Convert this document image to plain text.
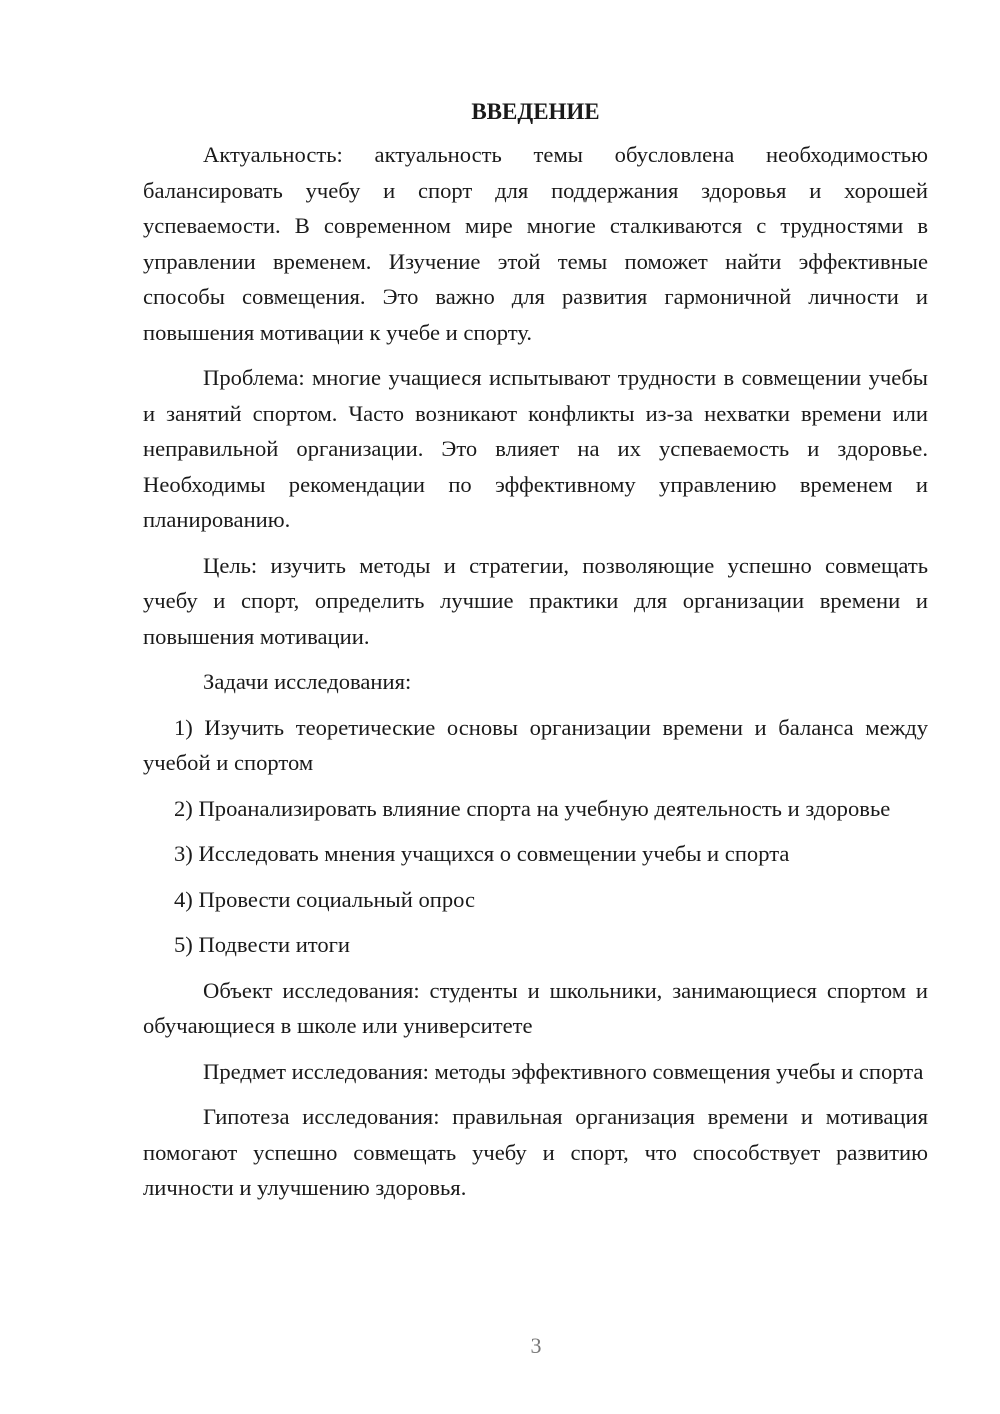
ВВЕДЕНИЕ

Актуальность: актуальность темы обусловлена необходимостью балансировать учебу и спорт для поддержания здоровья и хорошей успеваемости. В современном мире многие сталкиваются с трудностями в управлении временем. Изучение этой темы поможет найти эффективные способы совмещения. Это важно для развития гармоничной личности и повышения мотивации к учебе и спорту.

Проблема: многие учащиеся испытывают трудности в совмещении учебы и занятий спортом. Часто возникают конфликты из-за нехватки времени или неправильной организации. Это влияет на их успеваемость и здоровье. Необходимы рекомендации по эффективному управлению временем и планированию.

Цель: изучить методы и стратегии, позволяющие успешно совмещать учебу и спорт, определить лучшие практики для организации времени и повышения мотивации.

Задачи исследования:

1) Изучить теоретические основы организации времени и баланса между учебой и спортом

2) Проанализировать влияние спорта на учебную деятельность и здоровье

3) Исследовать мнения учащихся о совмещении учебы и спорта

4) Провести социальный опрос

5) Подвести итоги

Объект исследования: студенты и школьники, занимающиеся спортом и обучающиеся в школе или университете

Предмет исследования: методы эффективного совмещения учебы и спорта

Гипотеза исследования: правильная организация времени и мотивация помогают успешно совмещать учебу и спорт, что способствует развитию личности и улучшению здоровья.

3
